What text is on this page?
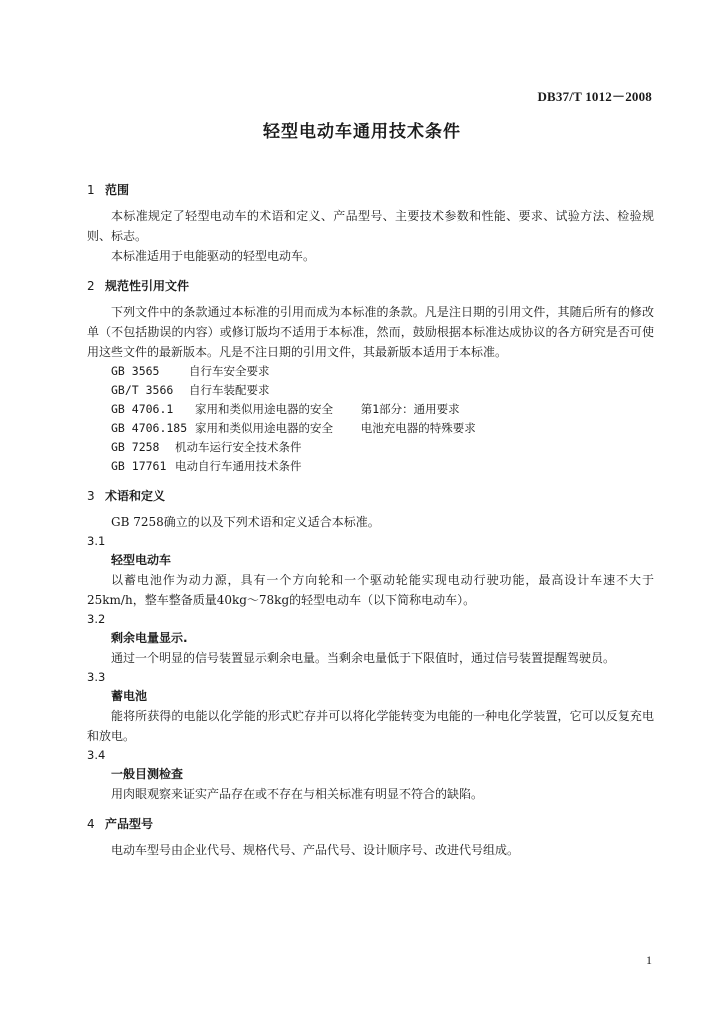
DB37/T 1012－2008
轻型电动车通用技术条件

1 范围

本标准规定了轻型电动车的术语和定义、产品型号、主要技术参数和性能、要求、试验方法、检验规则、标志。

本标准适用于电能驱动的轻型电动车。

2 规范性引用文件

下列文件中的条款通过本标准的引用而成为本标准的条款。凡是注日期的引用文件，其随后所有的修改单（不包括勘误的内容）或修订版均不适用于本标准，然而，鼓励根据本标准达成协议的各方研究是否可使用这些文件的最新版本。凡是不注日期的引用文件，其最新版本适用于本标准。

GB 3565	自行车安全要求

GB/T 3566 自行车装配要求

GB 4706.1 家用和类似用途电器的安全    第1部分：通用要求

GB 4706.185 家用和类似用途电器的安全    电池充电器的特殊要求

GB 7258 机动车运行安全技术条件

GB 17761 电动自行车通用技术条件

3 术语和定义

GB 7258确立的以及下列术语和定义适合本标准。

3.1

轻型电动车

以蓄电池作为动力源，具有一个方向轮和一个驱动轮能实现电动行驶功能，最高设计车速不大于25km/h，整车整备质量40kg～78kg的轻型电动车（以下简称电动车）。

3.2

剩余电量显示.

通过一个明显的信号装置显示剩余电量。当剩余电量低于下限值时，通过信号装置提醒驾驶员。

3.3

蓄电池

能将所获得的电能以化学能的形式贮存并可以将化学能转变为电能的一种电化学装置，它可以反复充电和放电。

3.4

一般目测检查

用肉眼观察来证实产品存在或不存在与相关标准有明显不符合的缺陷。

4 产品型号

电动车型号由企业代号、规格代号、产品代号、设计顺序号、改进代号组成。

1
